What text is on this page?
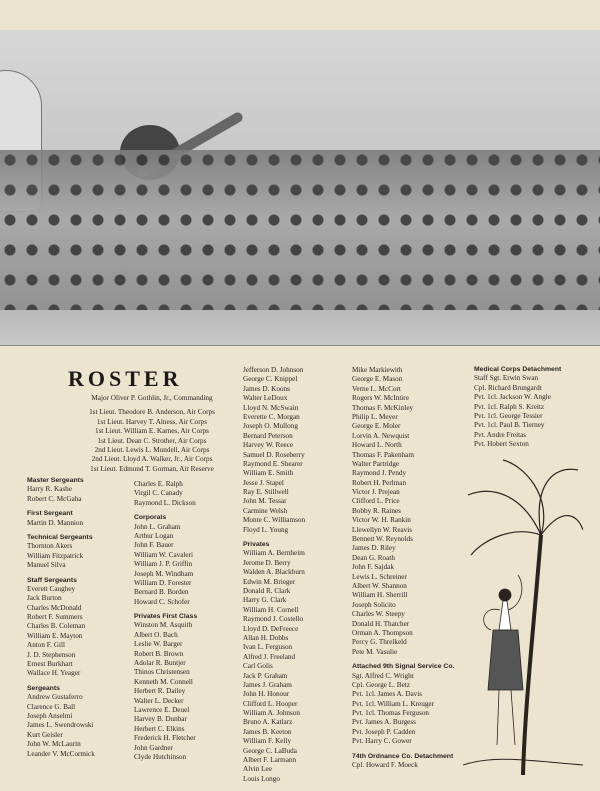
ROSTER
Major Oliver P. Gothlin, Jr., Commanding
1st Lieut. Theodore B. Anderson, Air Corps
1st Lieut. Harvey T. Alness, Air Corps
1st Lieut. William E. Karnes, Air Corps
1st Lieut. Dean C. Strother, Air Corps
2nd Lieut. Lewis L. Mundell, Air Corps
2nd Lieut. Lloyd A. Walker, Jr., Air Corps
1st Lieut. Edmund T. Gorman, Air Reserve
Master Sergeants
Harry R. Kashe
Robert C. McGaha
First Sergeant
Martin D. Mannion
Technical Sergeants
Thornton Akers
William Fitzpatrick
Manuel Silva
Staff Sergeants
Everett Caughey
Jack Burton
Charles McDonald
Robert F. Summers
Charles B. Coleman
William E. Mayton
Anton F. Gill
J. D. Stephenson
Ernest Burkhart
Wallace H. Yeager
Sergeants
Andrew Gustaferro
Clarence G. Ball
Joseph Anselmi
James L. Swendrowski
Kurt Geisler
John W. McLaurin
Leander V. McCormick
Charles E. Ralph
Virgil C. Canady
Raymond L. Dickson
Corporals
John L. Graham
Arthur Logan
John F. Bauer
William W. Cavaleri
William J. P. Griffin
Joseph M. Windham
William D. Forester
Bernard B. Borden
Howard C. Schofer
Privates First Class
Winston M. Asquith
Albert O. Bach
Leslie W. Barger
Robert B. Brown
Adolar R. Buntjer
Thinos Christensen
Kenneth M. Connell
Herbert R. Dailey
Walter L. Decker
Lawrence E. Deuel
Harvey B. Dunbar
Herbert C. Elkins
Frederick H. Fletcher
John Gardner
Clyde Hutchinson
Jefferson D. Johnson
George C. Knippel
James D. Koons
Walter LeDoux
Lloyd N. McSwain
Everette C. Morgan
Joseph O. Mullong
Bernard Peterson
Harvey W. Reece
Samuel D. Roseberry
Raymond E. Shearer
William E. Smith
Jesse J. Stapel
Ray E. Stillwell
John M. Tessar
Carmine Welsh
Monte C. Williamson
Floyd L. Young
Privates
William A. Bernheim
Jerome D. Berry
Walden A. Blackburn
Edwin M. Brieger
Donald R. Clark
Harry G. Clark
William H. Cornell
Raymond J. Costello
Lloyd D. DeFreece
Allan H. Dobbs
Ivan L. Ferguson
Alfred J. Freeland
Carl Golis
Jack P. Graham
James J. Graham
John H. Honour
Clifford L. Hooper
William A. Johnson
Bruno A. Katlarz
James B. Keeton
William F. Kelly
George C. LaBuda
Albert F. Larmann
Alvin Lee
Louis Longo
Mike Markiewith
George E. Mason
Verne L. McCort
Rogers W. McIntire
Thomas F. McKinley
Philip L. Meyer
George E. Moler
Lorvin A. Newquist
Howard L. North
Thomas F. Pakenham
Walter Partridge
Raymond J. Pendy
Robert H. Perlman
Victor J. Prejean
Clifford L. Price
Bobby R. Raines
Victor W. H. Rankin
Llewellyn W. Reavis
Bennett W. Reynolds
James D. Riley
Dean G. Roath
John F. Sajdak
Lewis L. Schreiner
Albert W. Shannon
William H. Sherrill
Joseph Solicito
Charles W. Steepy
Donald H. Thatcher
Orman A. Thompson
Percy G. Threlkeld
Pete M. Vasulie
Attached 9th Signal Service Co.
Sgt. Alfred C. Wright
Cpl. George L. Betz
Pvt. 1cl. James A. Davis
Pvt. 1cl. William L. Kreuger
Pvt. 1cl. Thomas Ferguson
Pvt. James A. Burgess
Pvt. Joseph P. Cadden
Pvt. Harry C. Gower
74th Ordnance Co. Detachment
Cpl. Howard F. Moeck
Medical Corps Detachment
Staff Sgt. Erwin Swan
Cpl. Richard Brungardt
Pvt. 1cl. Jackson W. Angle
Pvt. 1cl. Ralph S. Kreitz
Pvt. 1cl. George Tessier
Pvt. 1cl. Paul B. Tierney
Pvt. Andre Freitas
Pvt. Hobert Sexton
